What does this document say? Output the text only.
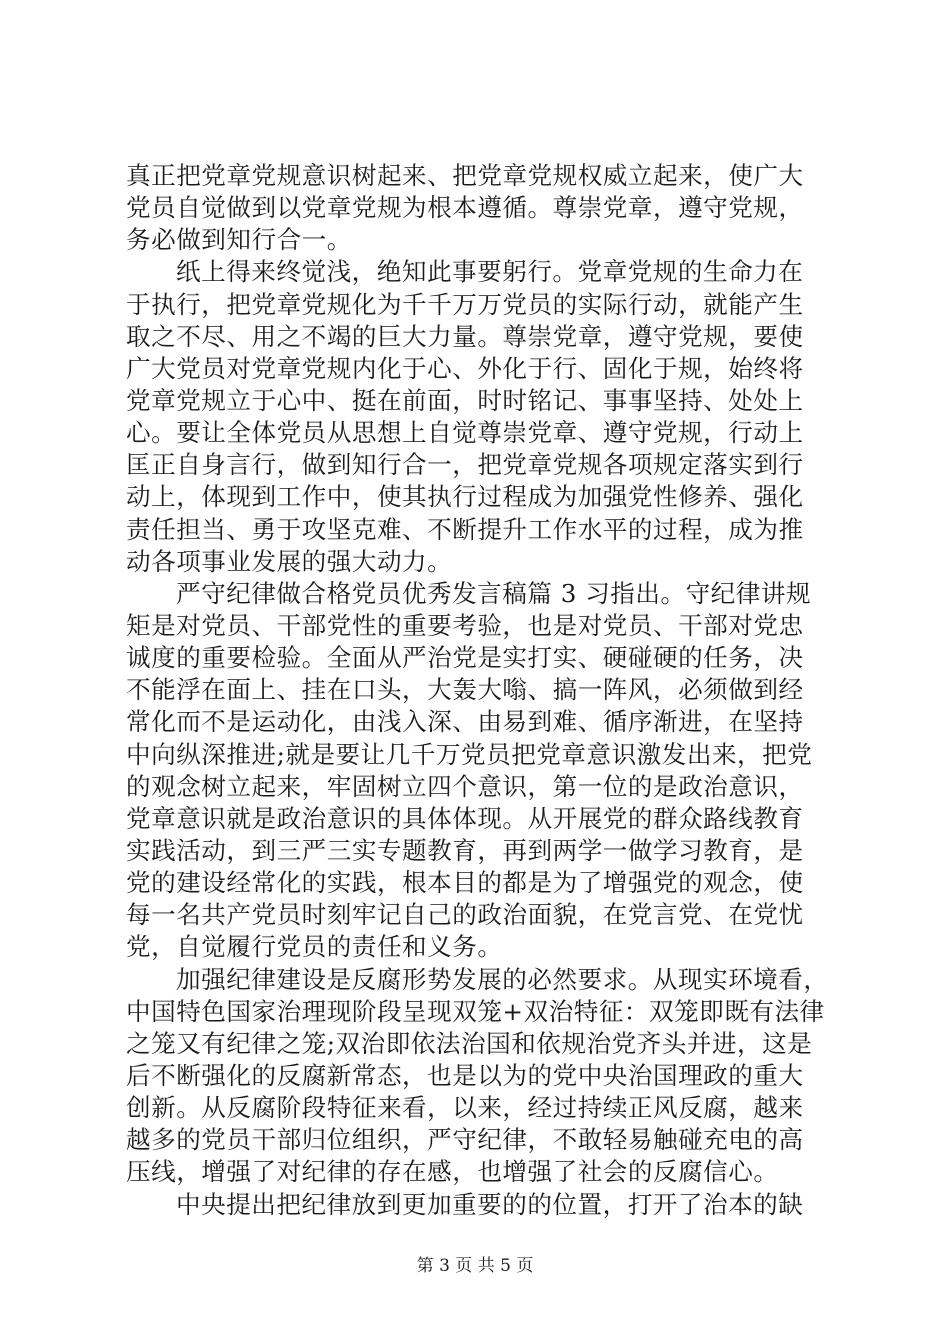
真正把党章党规意识树起来、把党章党规权威立起来，使广大
党员自觉做到以党章党规为根本遵循。尊崇党章，遵守党规，
务必做到知行合一。
纸上得来终觉浅，绝知此事要躬行。党章党规的生命力在
于执行，把党章党规化为千千万万党员的实际行动，就能产生
取之不尽、用之不竭的巨大力量。尊崇党章，遵守党规，要使
广大党员对党章党规内化于心、外化于行、固化于规，始终将
党章党规立于心中、挺在前面，时时铭记、事事坚持、处处上
心。要让全体党员从思想上自觉尊崇党章、遵守党规，行动上
匡正自身言行，做到知行合一，把党章党规各项规定落实到行
动上，体现到工作中，使其执行过程成为加强党性修养、强化
责任担当、勇于攻坚克难、不断提升工作水平的过程，成为推
动各项事业发展的强大动力。
严守纪律做合格党员优秀发言稿篇 3 习指出。守纪律讲规
矩是对党员、干部党性的重要考验，也是对党员、干部对党忠
诚度的重要检验。全面从严治党是实打实、硬碰硬的任务，决
不能浮在面上、挂在口头，大轰大嗡、搞一阵风，必须做到经
常化而不是运动化，由浅入深、由易到难、循序渐进，在坚持
中向纵深推进;就是要让几千万党员把党章意识激发出来，把党
的观念树立起来，牢固树立四个意识，第一位的是政治意识，
党章意识就是政治意识的具体体现。从开展党的群众路线教育
实践活动，到三严三实专题教育，再到两学一做学习教育，是
党的建设经常化的实践，根本目的都是为了增强党的观念，使
每一名共产党员时刻牢记自己的政治面貌，在党言党、在党忧
党，自觉履行党员的责任和义务。
加强纪律建设是反腐形势发展的必然要求。从现实环境看，
中国特色国家治理现阶段呈现双笼+双治特征：双笼即既有法律
之笼又有纪律之笼;双治即依法治国和依规治党齐头并进，这是
后不断强化的反腐新常态，也是以为的党中央治国理政的重大
创新。从反腐阶段特征来看，以来，经过持续正风反腐，越来
越多的党员干部归位组织，严守纪律，不敢轻易触碰充电的高
压线，增强了对纪律的存在感，也增强了社会的反腐信心。
中央提出把纪律放到更加重要的的位置，打开了治本的缺
第 3 页 共 5 页
